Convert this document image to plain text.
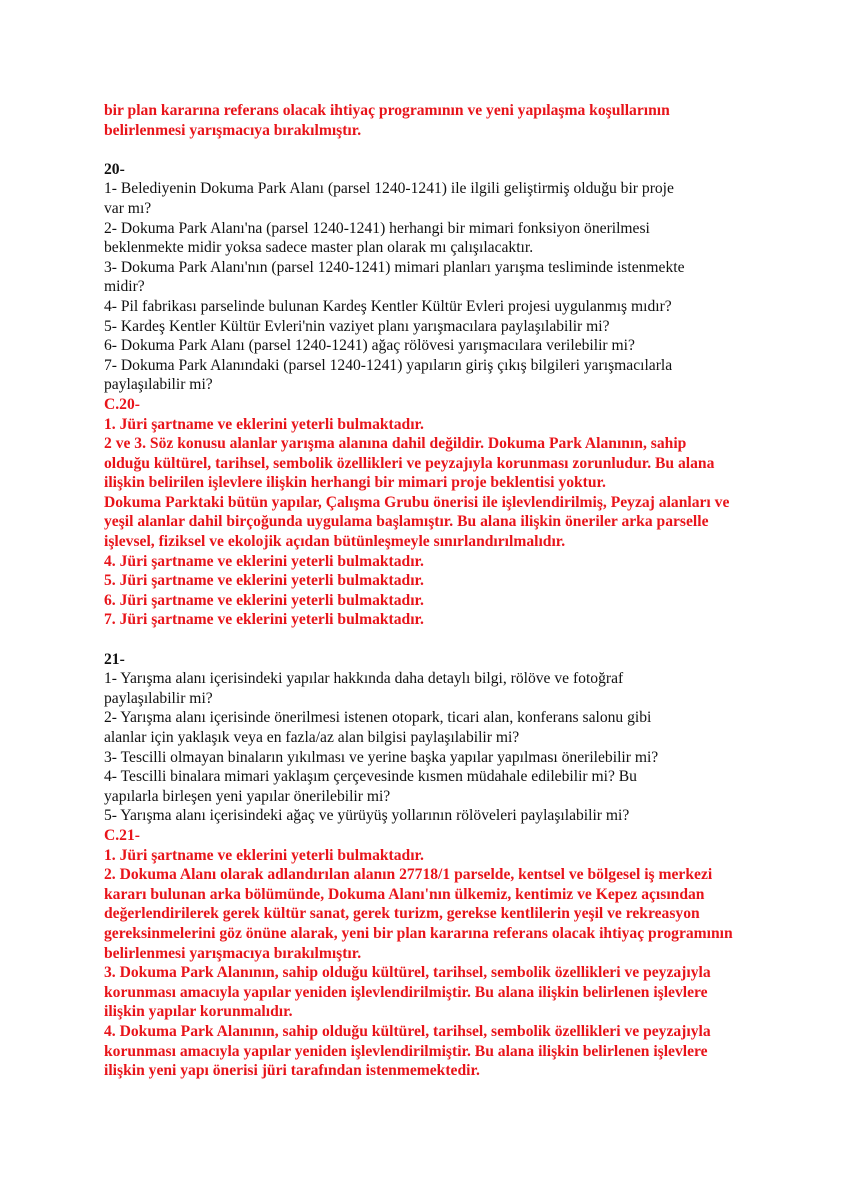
bir plan kararına referans olacak ihtiyaç programının ve yeni yapılaşma koşullarının
belirlenmesi yarışmacıya bırakılmıştır.
20-
1- Belediyenin Dokuma Park Alanı (parsel 1240-1241) ile ilgili geliştirmiş olduğu bir proje
var mı?
2- Dokuma Park Alanı'na (parsel 1240-1241) herhangi bir mimari fonksiyon önerilmesi
beklenmekte midir yoksa sadece master plan olarak mı çalışılacaktır.
3- Dokuma Park Alanı'nın (parsel 1240-1241) mimari planları yarışma tesliminde istenmekte
midir?
4- Pil fabrikası parselinde bulunan Kardeş Kentler Kültür Evleri projesi uygulanmış mıdır?
5- Kardeş Kentler Kültür Evleri'nin vaziyet planı yarışmacılara paylaşılabilir mi?
6- Dokuma Park Alanı (parsel 1240-1241) ağaç rölövesi yarışmacılara verilebilir mi?
7- Dokuma Park Alanındaki (parsel 1240-1241) yapıların giriş çıkış bilgileri yarışmacılarla
paylaşılabilir mi?
C.20-
1. Jüri şartname ve eklerini yeterli bulmaktadır.
2 ve 3. Söz konusu alanlar yarışma alanına dahil değildir. Dokuma Park Alanının, sahip
olduğu kültürel, tarihsel, sembolik özellikleri ve peyzajıyla korunması zorunludur. Bu alana
ilişkin belirilen işlevlere ilişkin herhangi bir mimari proje beklentisi yoktur.
Dokuma Parktaki bütün yapılar, Çalışma Grubu önerisi ile işlevlendirilmiş, Peyzaj alanları ve
yeşil alanlar dahil birçoğunda uygulama başlamıştır. Bu alana ilişkin öneriler arka parselle
işlevsel, fiziksel ve ekolojik açıdan bütünleşmeyle sınırlandırılmalıdır.
4. Jüri şartname ve eklerini yeterli bulmaktadır.
5. Jüri şartname ve eklerini yeterli bulmaktadır.
6. Jüri şartname ve eklerini yeterli bulmaktadır.
7. Jüri şartname ve eklerini yeterli bulmaktadır.
21-
1- Yarışma alanı içerisindeki yapılar hakkında daha detaylı bilgi, rölöve ve fotoğraf
paylaşılabilir mi?
2- Yarışma alanı içerisinde önerilmesi istenen otopark, ticari alan, konferans salonu gibi
alanlar için yaklaşık veya en fazla/az alan bilgisi paylaşılabilir mi?
3- Tescilli olmayan binaların yıkılması ve yerine başka yapılar yapılması önerilebilir mi?
4- Tescilli binalara mimari yaklaşım çerçevesinde kısmen müdahale edilebilir mi? Bu
yapılarla birleşen yeni yapılar önerilebilir mi?
5- Yarışma alanı içerisindeki ağaç ve yürüyüş yollarının rölöveleri paylaşılabilir mi?
C.21-
1. Jüri şartname ve eklerini yeterli bulmaktadır.
2. Dokuma Alanı olarak adlandırılan alanın 27718/1 parselde, kentsel ve bölgesel iş merkezi
kararı bulunan arka bölümünde, Dokuma Alanı'nın ülkemiz, kentimiz ve Kepez açısından
değerlendirilerek gerek kültür sanat, gerek turizm, gerekse kentlilerin yeşil ve rekreasyon
gereksinmelerini göz önüne alarak, yeni bir plan kararına referans olacak ihtiyaç programının
belirlenmesi yarışmacıya bırakılmıştır.
3. Dokuma Park Alanının, sahip olduğu kültürel, tarihsel, sembolik özellikleri ve peyzajıyla
korunması amacıyla yapılar yeniden işlevlendirilmiştir. Bu alana ilişkin belirlenen işlevlere
ilişkin yapılar korunmalıdır.
4. Dokuma Park Alanının, sahip olduğu kültürel, tarihsel, sembolik özellikleri ve peyzajıyla
korunması amacıyla yapılar yeniden işlevlendirilmiştir. Bu alana ilişkin belirlenen işlevlere
ilişkin yeni yapı önerisi jüri tarafından istenmemektedir.
